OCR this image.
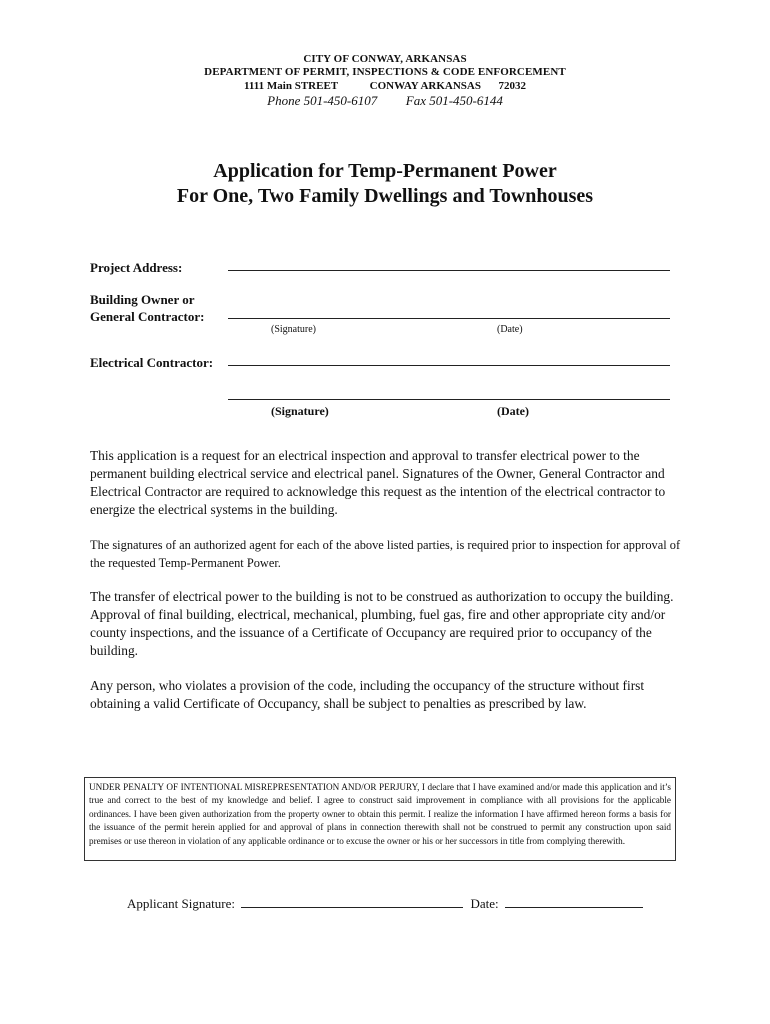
CITY OF CONWAY, ARKANSAS
DEPARTMENT OF PERMIT, INSPECTIONS & CODE ENFORCEMENT
1111 Main STREET	CONWAY ARKANSAS 72032
Phone 501-450-6107 Fax 501-450-6144
Application for Temp-Permanent Power
For One, Two Family Dwellings and Townhouses
Project Address:
Building Owner or
General Contractor:
(Signature)	(Date)
Electrical Contractor:
(Signature)	(Date)
This application is a request for an electrical inspection and approval to transfer electrical power to the permanent building electrical service and electrical panel. Signatures of the Owner, General Contractor and Electrical Contractor are required to acknowledge this request as the intention of the electrical contractor to energize the electrical systems in the building.
The signatures of an authorized agent for each of the above listed parties, is required prior to inspection for approval of the requested Temp-Permanent Power.
The transfer of electrical power to the building is not to be construed as authorization to occupy the building. Approval of final building, electrical, mechanical, plumbing, fuel gas, fire and other appropriate city and/or county inspections, and the issuance of a Certificate of Occupancy are required prior to occupancy of the building.
Any person, who violates a provision of the code, including the occupancy of the structure without first obtaining a valid Certificate of Occupancy, shall be subject to penalties as prescribed by law.
UNDER PENALTY OF INTENTIONAL MISREPRESENTATION AND/OR PERJURY, I declare that I have examined and/or made this application and it’s true and correct to the best of my knowledge and belief. I agree to construct said improvement in compliance with all provisions for the applicable ordinances. I have been given authorization from the property owner to obtain this permit. I realize the information I have affirmed hereon forms a basis for the issuance of the permit herein applied for and approval of plans in connection therewith shall not be construed to permit any construction upon said premises or use thereon in violation of any applicable ordinance or to excuse the owner or his or her successors in title from complying therewith.
Applicant Signature:	Date:
